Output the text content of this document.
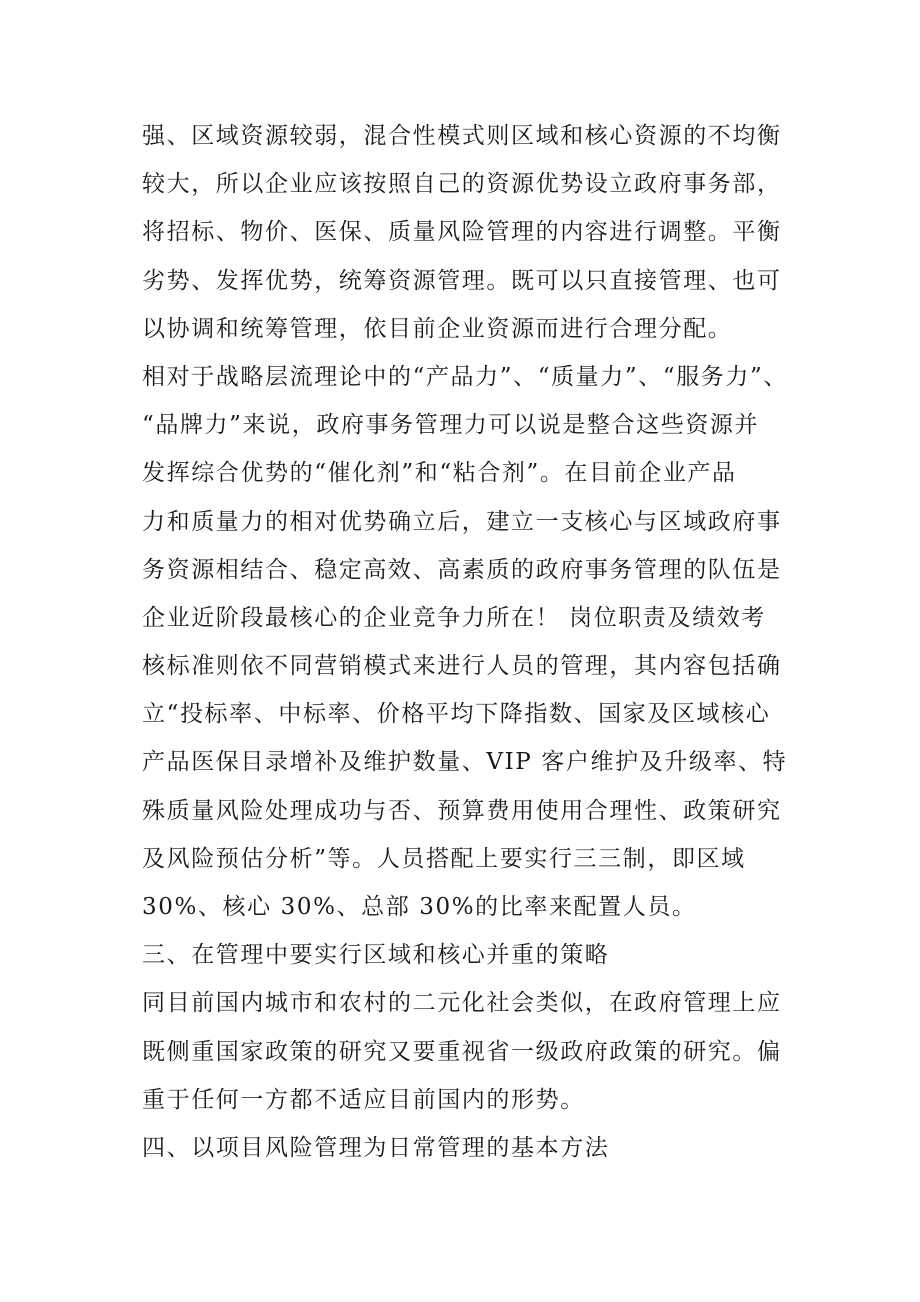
强、区域资源较弱，混合性模式则区域和核心资源的不均衡
较大，所以企业应该按照自己的资源优势设立政府事务部，
将招标、物价、医保、质量风险管理的内容进行调整。平衡
劣势、发挥优势，统筹资源管理。既可以只直接管理、也可
以协调和统筹管理，依目前企业资源而进行合理分配。
相对于战略层流理论中的“产品力”、“质量力”、“服务力”、
“品牌力”来说，政府事务管理力可以说是整合这些资源并
发挥综合优势的“催化剂”和“粘合剂”。在目前企业产品
力和质量力的相对优势确立后，建立一支核心与区域政府事
务资源相结合、稳定高效、高素质的政府事务管理的队伍是
企业近阶段最核心的企业竞争力所在！ 岗位职责及绩效考
核标准则依不同营销模式来进行人员的管理，其内容包括确
立“投标率、中标率、价格平均下降指数、国家及区域核心
产品医保目录增补及维护数量、VIP 客户维护及升级率、特
殊质量风险处理成功与否、预算费用使用合理性、政策研究
及风险预估分析”等。人员搭配上要实行三三制，即区域
30%、核心 30%、总部 30%的比率来配置人员。
三、在管理中要实行区域和核心并重的策略
同目前国内城市和农村的二元化社会类似，在政府管理上应
既侧重国家政策的研究又要重视省一级政府政策的研究。偏
重于任何一方都不适应目前国内的形势。
四、以项目风险管理为日常管理的基本方法
